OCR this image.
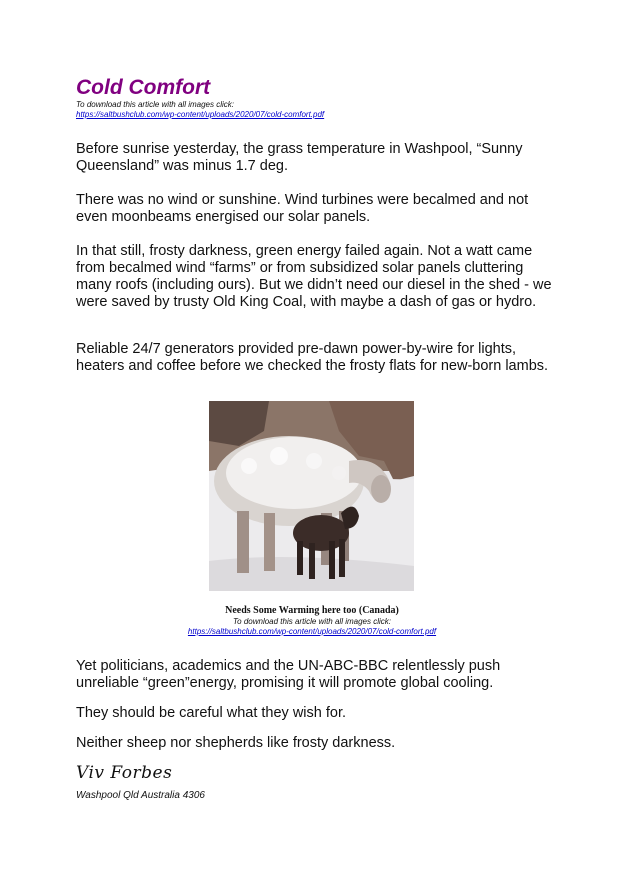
Cold Comfort
To download this article with all images click:
https://saltbushclub.com/wp-content/uploads/2020/07/cold-comfort.pdf

Before sunrise yesterday, the grass temperature in Washpool, “Sunny Queensland” was minus 1.7 deg.

There was no wind or sunshine. Wind turbines were becalmed and not even moonbeams energised our solar panels.

In that still, frosty darkness, green energy failed again. Not a watt came from becalmed wind “farms” or from subsidized solar panels cluttering many roofs (including ours). But we didn’t need our diesel in the shed - we were saved by trusty Old King Coal, with maybe a dash of gas or hydro.

Reliable 24/7 generators provided pre-dawn power-by-wire for lights, heaters and coffee before we checked the frosty flats for new-born lambs.

Needs Some Warming here too (Canada)
To download this article with all images click:
https://saltbushclub.com/wp-content/uploads/2020/07/cold-comfort.pdf

Yet politicians, academics and the UN-ABC-BBC relentlessly push unreliable “green”energy, promising it will promote global cooling.

They should be careful what they wish for.

Neither sheep nor shepherds like frosty darkness.

Viv Forbes
Washpool Qld Australia 4306
